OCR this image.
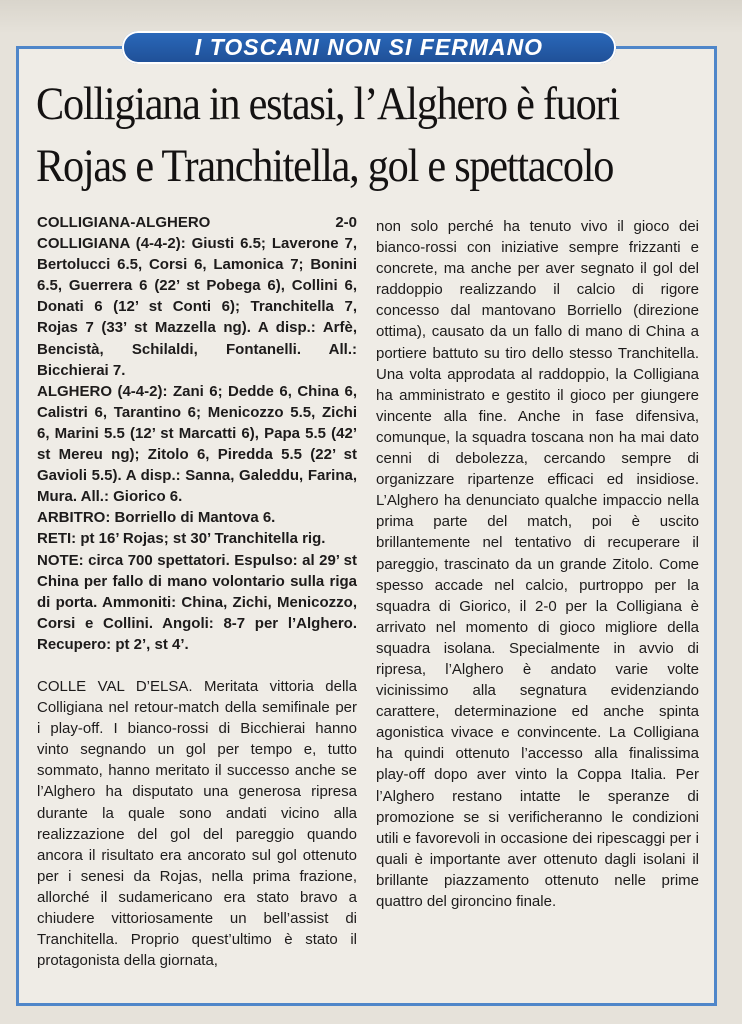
I TOSCANI NON SI FERMANO
Colligiana in estasi, l’Alghero è fuori
Rojas e Tranchitella, gol e spettacolo
COLLIGIANA-ALGHERO	2-0

COLLIGIANA (4-4-2): Giusti 6.5; Laverone 7, Bertolucci 6.5, Corsi 6, Lamonica 7; Bonini 6.5, Guerrera 6 (22’ st Pobega 6), Collini 6, Donati 6 (12’ st Conti 6); Tranchitella 7, Rojas 7 (33’ st Mazzella ng). A disp.: Arfè, Bencistà, Schilaldi, Fontanelli. All.: Bicchierai 7.

ALGHERO (4-4-2): Zani 6; Dedde 6, China 6, Calistri 6, Tarantino 6; Menicozzo 5.5, Zichi 6, Marini 5.5 (12’ st Marcatti 6), Papa 5.5 (42’ st Mereu ng); Zitolo 6, Piredda 5.5 (22’ st Gavioli 5.5). A disp.: Sanna, Galeddu, Farina, Mura. All.: Giorico 6.

ARBITRO: Borriello di Mantova 6.

RETI: pt 16’ Rojas; st 30’ Tranchitella rig.

NOTE: circa 700 spettatori. Espulso: al 29’ st China per fallo di mano volontario sulla riga di porta. Ammoniti: China, Zichi, Menicozzo, Corsi e Collini. Angoli: 8-7 per l’Alghero. Recupero: pt 2’, st 4’.

COLLE VAL D’ELSA. Meritata vittoria della Colligiana nel retour-match della semifinale per i play-off. I bianco-rossi di Bicchierai hanno vinto segnando un gol per tempo e, tutto sommato, hanno meritato il successo anche se l’Alghero ha disputato una generosa ripresa durante la quale sono andati vicino alla realizzazione del gol del pareggio quando ancora il risultato era ancorato sul gol ottenuto per i senesi da Rojas, nella prima frazione, allorché il sudamericano era stato bravo a chiudere vittoriosamente un bell’assist di Tranchitella. Proprio quest’ultimo è stato il protagonista della giornata,

non solo perché ha tenuto vivo il gioco dei bianco-rossi con iniziative sempre frizzanti e concrete, ma anche per aver segnato il gol del raddoppio realizzando il calcio di rigore concesso dal mantovano Borriello (direzione ottima), causato da un fallo di mano di China a portiere battuto su tiro dello stesso Tranchitella. Una volta approdata al raddoppio, la Colligiana ha amministrato e gestito il gioco per giungere vincente alla fine. Anche in fase difensiva, comunque, la squadra toscana non ha mai dato cenni di debolezza, cercando sempre di organizzare ripartenze efficaci ed insidiose. L’Alghero ha denunciato qualche impaccio nella prima parte del match, poi è uscito brillantemente nel tentativo di recuperare il pareggio, trascinato da un grande Zitolo. Come spesso accade nel calcio, purtroppo per la squadra di Giorico, il 2-0 per la Colligiana è arrivato nel momento di gioco migliore della squadra isolana. Specialmente in avvio di ripresa, l’Alghero è andato varie volte vicinissimo alla segnatura evidenziando carattere, determinazione ed anche spinta agonistica vivace e convincente. La Colligiana ha quindi ottenuto l’accesso alla finalissima play-off dopo aver vinto la Coppa Italia. Per l’Alghero restano intatte le speranze di promozione se si verificheranno le condizioni utili e favorevoli in occasione dei ripescaggi per i quali è importante aver ottenuto dagli isolani il brillante piazzamento ottenuto nelle prime quattro del gironcino finale.
